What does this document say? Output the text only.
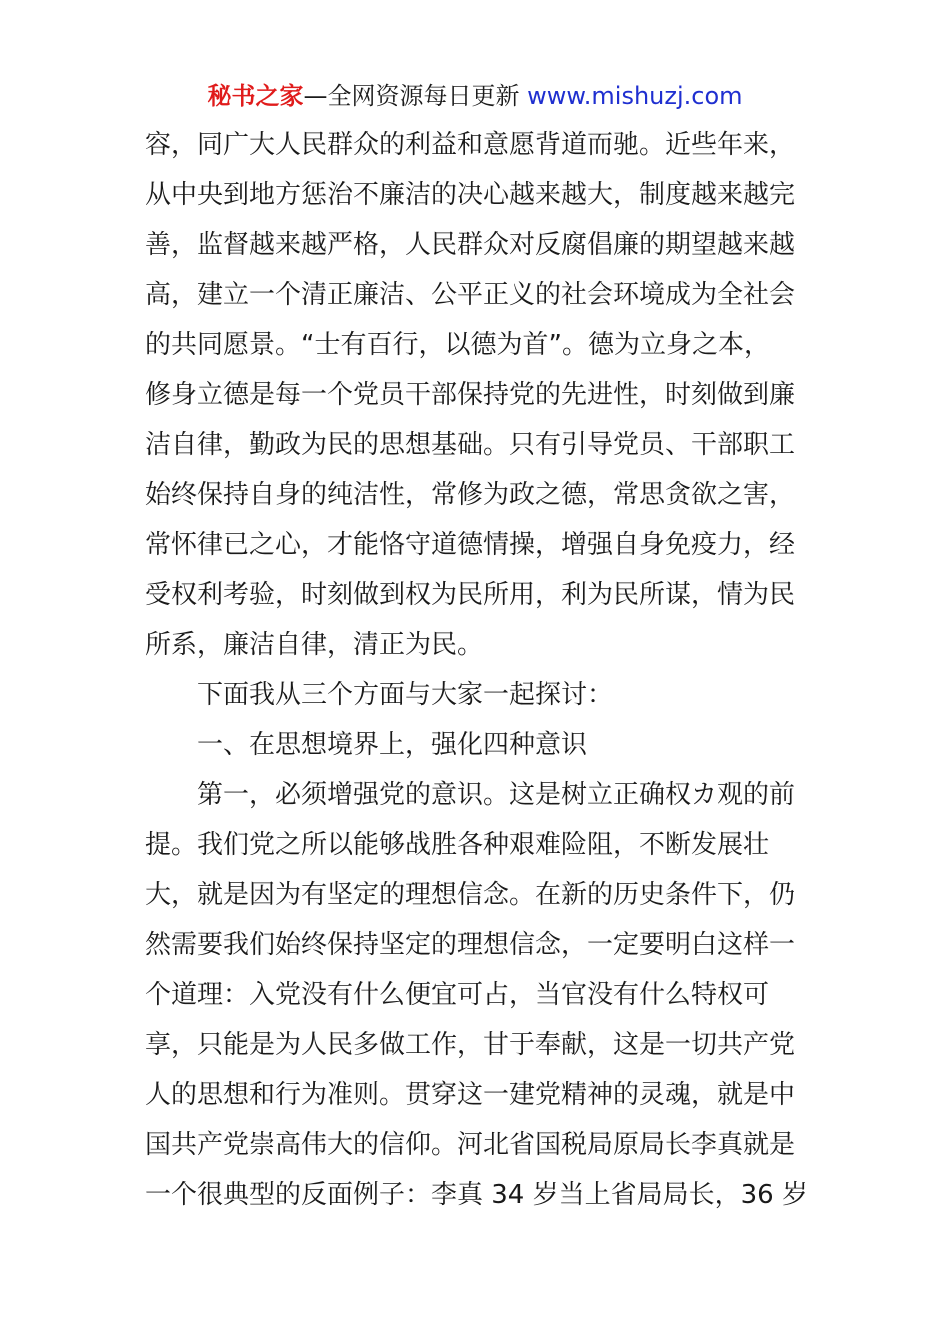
秘书之家—全网资源每日更新 www.mishuzj.com
容，同广大人民群众的利益和意愿背道而驰。近些年来，
从中央到地方惩治不廉洁的决心越来越大，制度越来越完
善，监督越来越严格，人民群众对反腐倡廉的期望越来越
高，建立一个清正廉洁、公平正义的社会环境成为全社会
的共同愿景。“士有百行，以德为首”。德为立身之本，
修身立德是每一个党员干部保持党的先进性，时刻做到廉
洁自律，勤政为民的思想基础。只有引导党员、干部职工
始终保持自身的纯洁性，常修为政之德，常思贪欲之害，
常怀律已之心，才能恪守道德情操，增强自身免疫力，经
受权利考验，时刻做到权为民所用，利为民所谋，情为民
所系，廉洁自律，清正为民。
下面我从三个方面与大家一起探讨：
一、在思想境界上，强化四种意识
第一，必须增强党的意识。这是树立正确权カ观的前
提。我们党之所以能够战胜各种艰难险阻，不断发展壮
大，就是因为有坚定的理想信念。在新的历史条件下，仍
然需要我们始终保持坚定的理想信念，一定要明白这样一
个道理：入党没有什么便宜可占，当官没有什么特权可
享，只能是为人民多做工作，甘于奉献，这是一切共产党
人的思想和行为准则。贯穿这一建党精神的灵魂，就是中
国共产党崇高伟大的信仰。河北省国税局原局长李真就是
一个很典型的反面例子：李真 34 岁当上省局局长，36 岁
